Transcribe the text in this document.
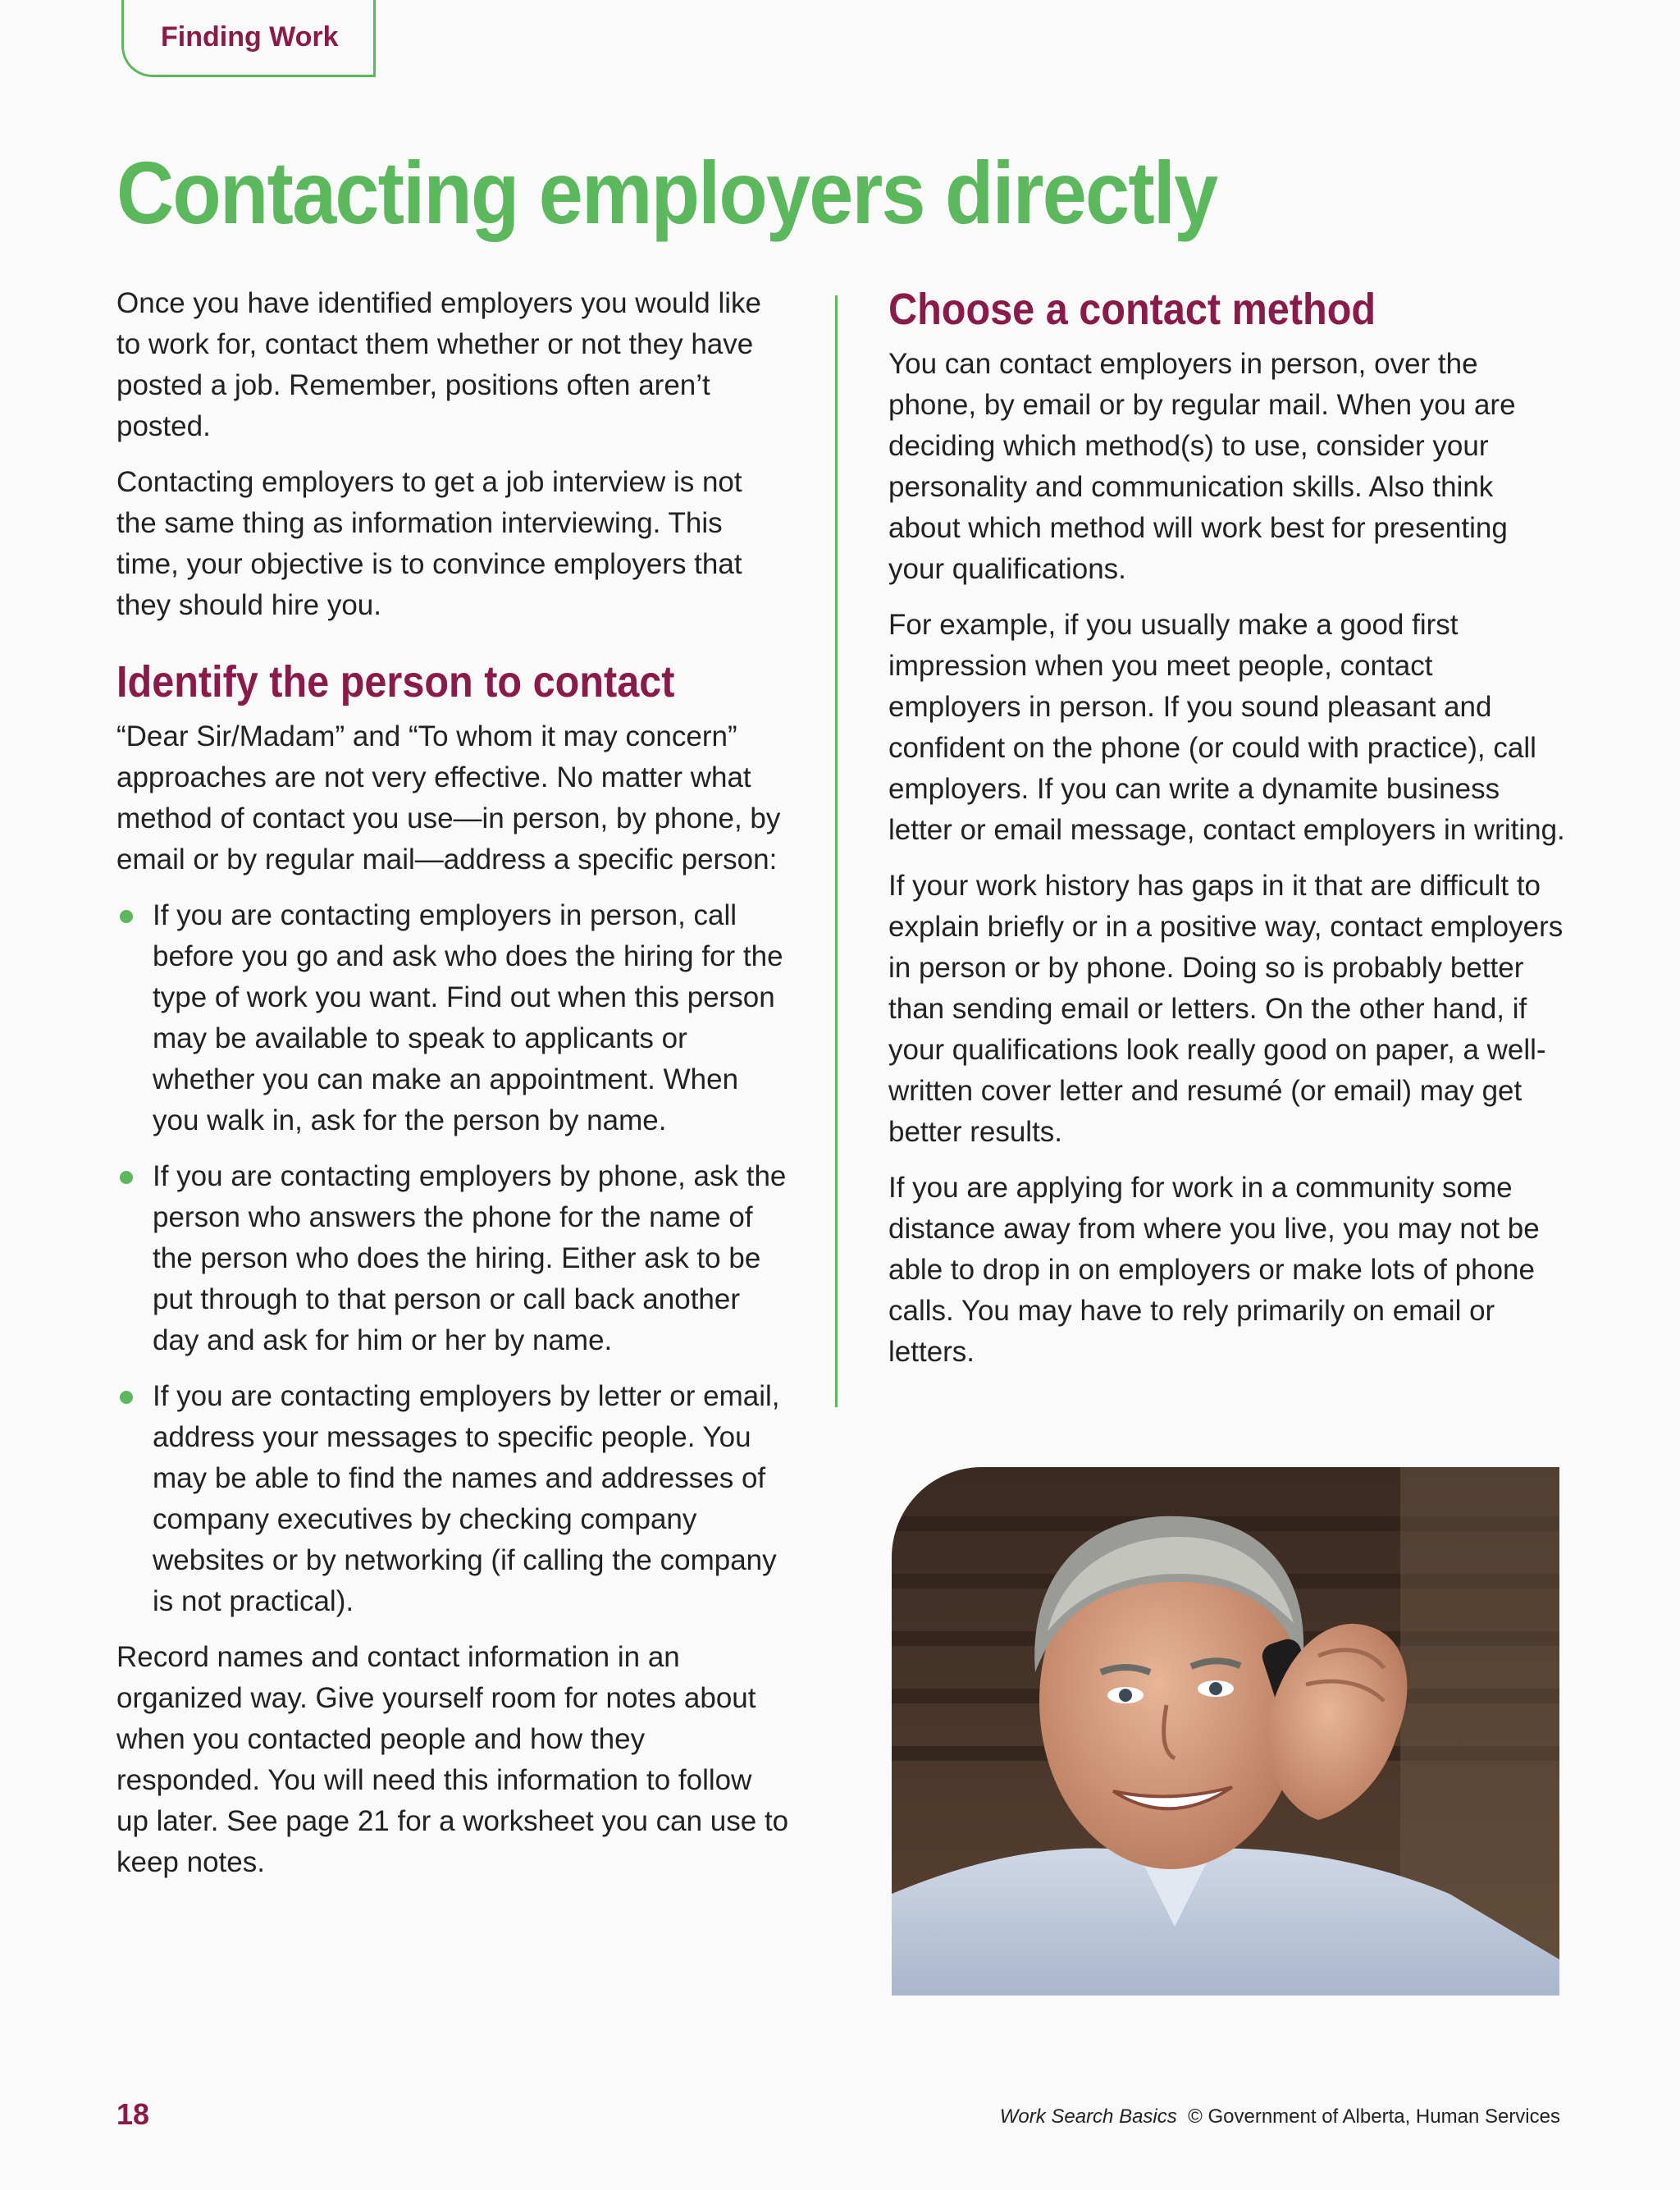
Finding Work
Contacting employers directly

Once you have identified employers you would like to work for, contact them whether or not they have posted a job. Remember, positions often aren’t posted.

Contacting employers to get a job interview is not the same thing as information interviewing. This time, your objective is to convince employers that they should hire you.

Identify the person to contact

“Dear Sir/Madam” and “To whom it may concern” approaches are not very effective. No matter what method of contact you use—in person, by phone, by email or by regular mail—address a specific person:

If you are contacting employers in person, call before you go and ask who does the hiring for the type of work you want. Find out when this person may be available to speak to applicants or whether you can make an appointment. When you walk in, ask for the person by name.
If you are contacting employers by phone, ask the person who answers the phone for the name of the person who does the hiring. Either ask to be put through to that person or call back another day and ask for him or her by name.
If you are contacting employers by letter or email, address your messages to specific people. You may be able to find the names and addresses of company executives by checking company websites or by networking (if calling the company is not practical).

Record names and contact information in an organized way. Give yourself room for notes about when you contacted people and how they responded. You will need this information to follow up later. See page 21 for a worksheet you can use to keep notes.

Choose a contact method

You can contact employers in person, over the phone, by email or by regular mail. When you are deciding which method(s) to use, consider your personality and communication skills. Also think about which method will work best for presenting your qualifications.

For example, if you usually make a good first impression when you meet people, contact employers in person. If you sound pleasant and confident on the phone (or could with practice), call employers. If you can write a dynamite business letter or email message, contact employers in writing.

If your work history has gaps in it that are difficult to explain briefly or in a positive way, contact employers in person or by phone. Doing so is probably better than sending email or letters. On the other hand, if your qualifications look really good on paper, a well-written cover letter and resumé (or email) may get better results.

If you are applying for work in a community some distance away from where you live, you may not be able to drop in on employers or make lots of phone calls. You may have to rely primarily on email or letters.

18	Work Search Basics © Government of Alberta, Human Services
